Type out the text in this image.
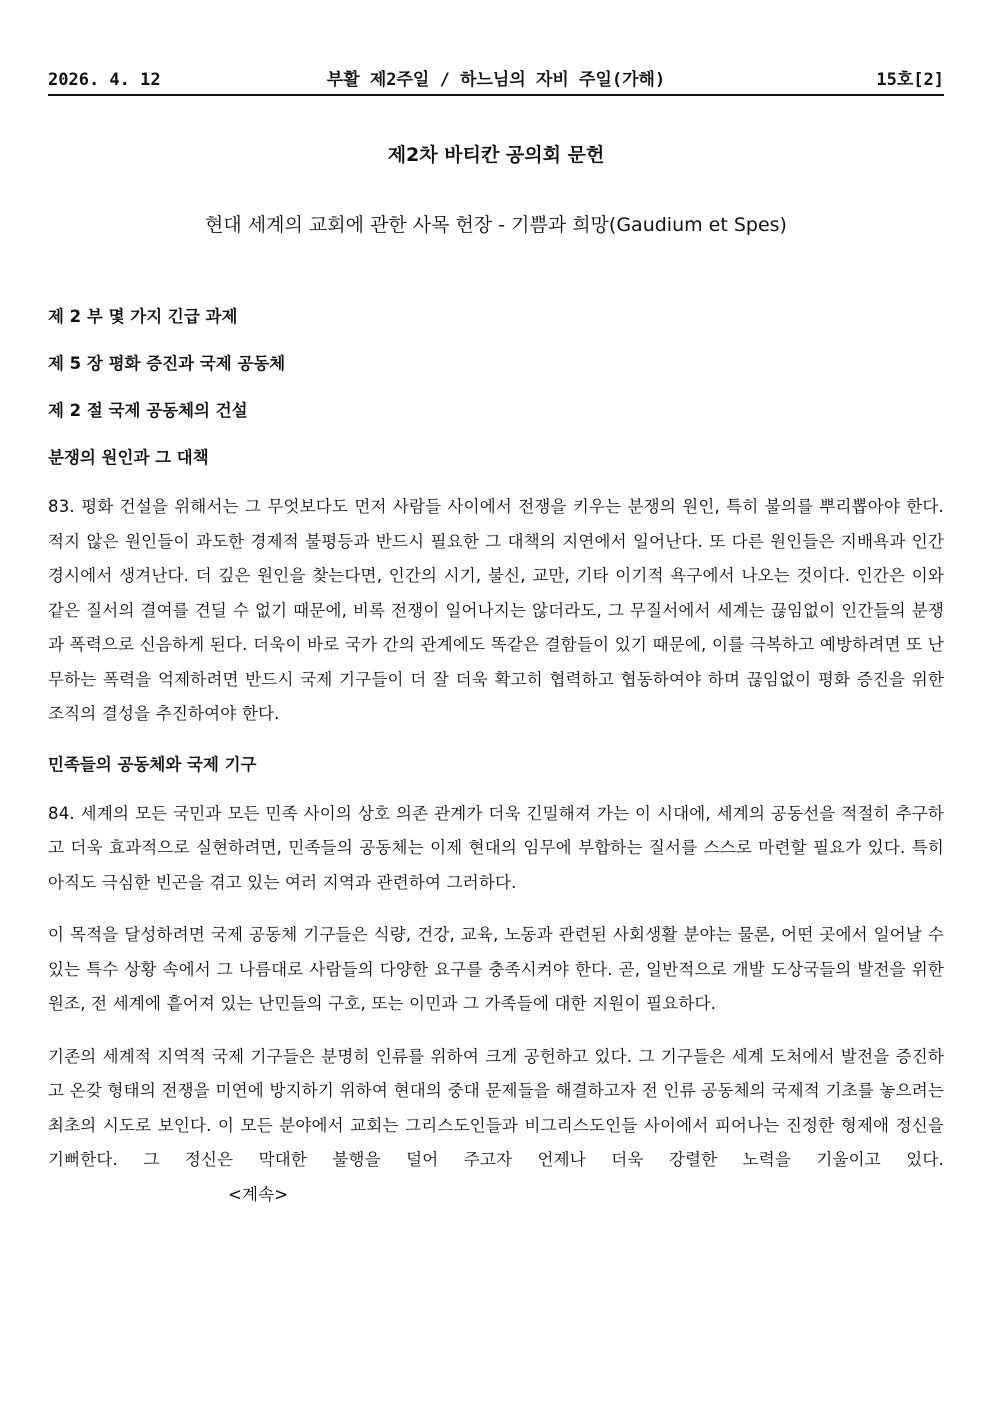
2026. 4. 12	부활 제2주일 / 하느님의 자비 주일(가해)	15호[2]
제2차 바티칸 공의회 문헌
현대 세계의 교회에 관한 사목 헌장 - 기쁨과 희망(Gaudium et Spes)
제 2 부 몇 가지 긴급 과제
제 5 장 평화 증진과 국제 공동체
제 2 절 국제 공동체의 건설
분쟁의 원인과 그 대책

83. 평화 건설을 위해서는 그 무엇보다도 먼저 사람들 사이에서 전쟁을 키우는 분쟁의 원인, 특히 불의를 뿌리뽑아야 한다. 적지 않은 원인들이 과도한 경제적 불평등과 반드시 필요한 그 대책의 지연에서 일어난다. 또 다른 원인들은 지배욕과 인간 경시에서 생겨난다. 더 깊은 원인을 찾는다면, 인간의 시기, 불신, 교만, 기타 이기적 욕구에서 나오는 것이다. 인간은 이와 같은 질서의 결여를 견딜 수 없기 때문에, 비록 전쟁이 일어나지는 않더라도, 그 무질서에서 세계는 끊임없이 인간들의 분쟁과 폭력으로 신음하게 된다. 더욱이 바로 국가 간의 관계에도 똑같은 결함들이 있기 때문에, 이를 극복하고 예방하려면 또 난무하는 폭력을 억제하려면 반드시 국제 기구들이 더 잘 더욱 확고히 협력하고 협동하여야 하며 끊임없이 평화 증진을 위한 조직의 결성을 추진하여야 한다.

민족들의 공동체와 국제 기구

84. 세계의 모든 국민과 모든 민족 사이의 상호 의존 관계가 더욱 긴밀해져 가는 이 시대에, 세계의 공동선을 적절히 추구하고 더욱 효과적으로 실현하려면, 민족들의 공동체는 이제 현대의 임무에 부합하는 질서를 스스로 마련할 필요가 있다. 특히 아직도 극심한 빈곤을 겪고 있는 여러 지역과 관련하여 그러하다.

이 목적을 달성하려면 국제 공동체 기구들은 식량, 건강, 교육, 노동과 관련된 사회생활 분야는 물론, 어떤 곳에서 일어날 수 있는 특수 상황 속에서 그 나름대로 사람들의 다양한 요구를 충족시켜야 한다. 곧, 일반적으로 개발 도상국들의 발전을 위한 원조, 전 세계에 흩어져 있는 난민들의 구호, 또는 이민과 그 가족들에 대한 지원이 필요하다.

기존의 세계적 지역적 국제 기구들은 분명히 인류를 위하여 크게 공헌하고 있다. 그 기구들은 세계 도처에서 발전을 증진하고 온갖 형태의 전쟁을 미연에 방지하기 위하여 현대의 중대 문제들을 해결하고자 전 인류 공동체의 국제적 기초를 놓으려는 최초의 시도로 보인다. 이 모든 분야에서 교회는 그리스도인들과 비그리스도인들 사이에서 피어나는 진정한 형제애 정신을 기뻐한다. 그 정신은 막대한 불행을 덜어 주고자 언제나 더욱 강렬한 노력을 기울이고 있다.<계속>
